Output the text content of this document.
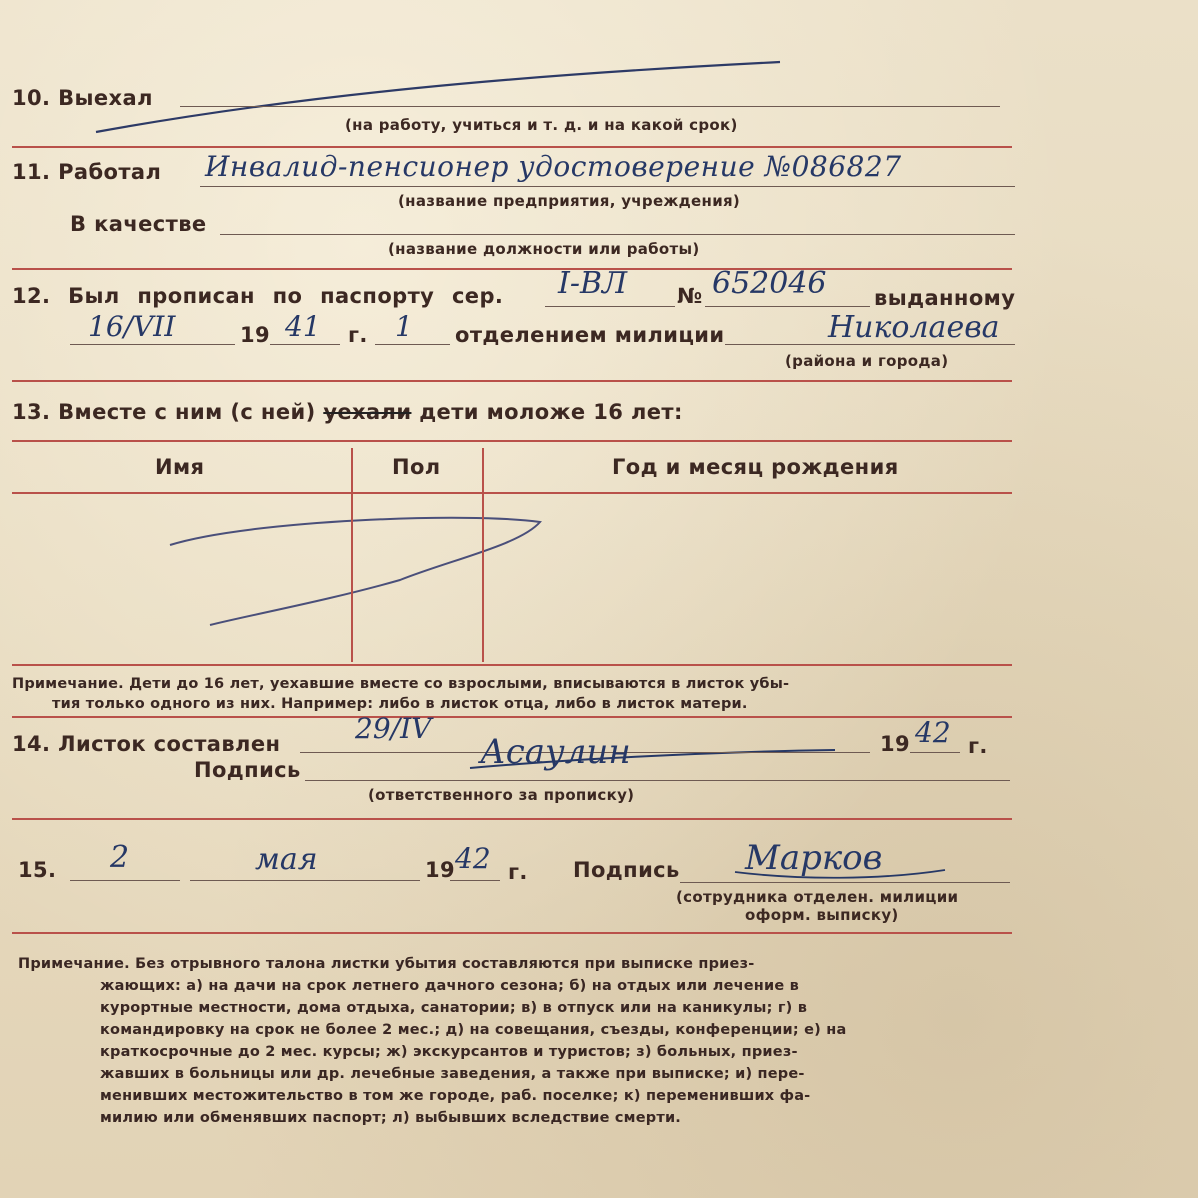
10. Выехал
(на работу, учиться и т. д. и на какой срок)
11. Работал Инвалид-пенсионер удостоверение №086827
(название предприятия, учреждения)
В качестве
(название должности или работы)
12. Был прописан по паспорту сер. I-ВЛ № 652046 выданному
16/VII	19 41 г. 1 отделением милиции	Николаева
(района и города)
13. Вместе с ним (с ней) уехали дети моложе 16 лет:
Имя	Пол	Год и месяц рождения
Примечание. Дети до 16 лет, уехавшие вместе со взрослыми, вписываются в листок убы-
тия только одного из них. Например: либо в листок отца, либо в листок матери.
14. Листок составлен	29/IV	19 42 г.
Подпись	Асаулин
(ответственного за прописку)
15. 2	мая	19 42 г. Подпись Марков
(сотрудника отделен. милиции
оформ. выписку)
Примечание. Без отрывного талона листки убытия составляются при выписке приез-
жающих: а) на дачи на срок летнего дачного сезона; б) на отдых или лечение в
курортные местности, дома отдыха, санатории; в) в отпуск или на каникулы; г) в
командировку на срок не более 2 мес.; д) на совещания, съезды, конференции; е) на
краткосрочные до 2 мес. курсы; ж) экскурсантов и туристов; з) больных, приез-
жавших в больницы или др. лечебные заведения, а также при выписке; и) пере-
менивших местожительство в том же городе, раб. поселке; к) переменивших фа-
милию или обменявших паспорт; л) выбывших вследствие смерти.
